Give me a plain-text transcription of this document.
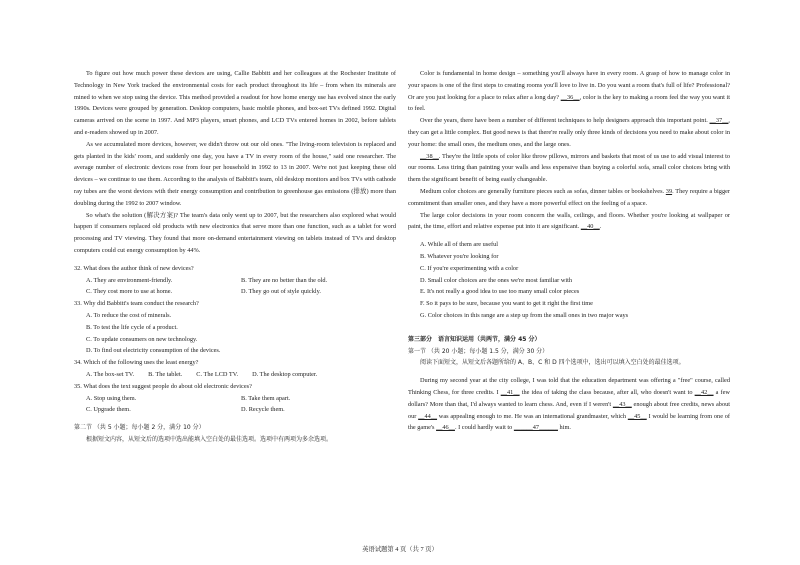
To figure out how much power these devices are using, Callie Babbitt and her colleagues at the Rochester Institute of Technology in New York tracked the environmental costs for each product throughout its life – from when its minerals are mined to when we stop using the device. This method provided a readout for how home energy use has evolved since the early 1990s. Devices were grouped by generation. Desktop computers, basic mobile phones, and box-set TVs defined 1992. Digital cameras arrived on the scene in 1997. And MP3 players, smart phones, and LCD TVs entered homes in 2002, before tablets and e-readers showed up in 2007.

As we accumulated more devices, however, we didn't throw out our old ones. "The living-room television is replaced and gets planted in the kids' room, and suddenly one day, you have a TV in every room of the house," said one researcher. The average number of electronic devices rose from four per household in 1992 to 13 in 2007. We're not just keeping these old devices – we continue to use them. According to the analysis of Babbitt's team, old desktop monitors and box TVs with cathode ray tubes are the worst devices with their energy consumption and contribution to greenhouse gas emissions (排放) more than doubling during the 1992 to 2007 window.

So what's the solution (解决方案)? The team's data only went up to 2007, but the researchers also explored what would happen if consumers replaced old products with new electronics that serve more than one function, such as a tablet for word processing and TV viewing. They found that more on-demand entertainment viewing on tablets instead of TVs and desktop computers could cut energy consumption by 44%.

32. What does the author think of new devices?

A. They are environment-friendly.	B. They are no better than the old.
C. They cost more to use at home.	D. They go out of style quickly.

33. Why did Babbitt's team conduct the research?

A. To reduce the cost of minerals.

B. To test the life cycle of a product.

C. To update consumers on new technology.

D. To find out electricity consumption of the devices.

34. Which of the following uses the least energy?

A. The box-set TV. B. The tablet. C. The LCD TV. D. The desktop computer.

35. What does the text suggest people do about old electronic devices?

A. Stop using them.	B. Take them apart.
C. Upgrade them.	D. Recycle them.

第二节 （共 5 小题；每小题 2 分，满分 10 分）

根据短文内容，从短文后的选项中选出能填入空白处的最佳选项。选项中有两项为多余选项。

Color is fundamental in home design – something you'll always have in every room. A grasp of how to manage color in your spaces is one of the first steps to creating rooms you'll love to live in. Do you want a room that's full of life? Professional? Or are you just looking for a place to relax after a long day? __36__, color is the key to making a room feel the way you want it to feel.

Over the years, there have been a number of different techniques to help designers approach this important point. __37__, they can get a little complex. But good news is that there're really only three kinds of decisions you need to make about color in your home: the small ones, the medium ones, and the large ones.

__38__. They're the little spots of color like throw pillows, mirrors and baskets that most of us use to add visual interest to our rooms. Less tiring than painting your walls and less expensive than buying a colorful sofa, small color choices bring with them the significant benefit of being easily changeable.

Medium color choices are generally furniture pieces such as sofas, dinner tables or bookshelves. 39. They require a bigger commitment than smaller ones, and they have a more powerful effect on the feeling of a space.

The large color decisions in your room concern the walls, ceilings, and floors. Whether you're looking at wallpaper or paint, the time, effort and relative expense put into it are significant. __40__.

A. While all of them are useful

B. Whatever you're looking for

C. If you're experimenting with a color

D. Small color choices are the ones we're most familiar with

E. It's not really a good idea to use too many small color pieces

F. So it pays to be sure, because you want to get it right the first time

G. Color choices in this range are a step up from the small ones in two major ways

第三部分　语言知识运用（共两节，满分 45 分）

第一节 （共 20 小题；每小题 1.5 分，满分 30 分）

阅读下面短文，从短文后各题所给的 A、B、C 和 D 四个选项中，选出可以填入空白处的最佳选项。

During my second year at the city college, I was told that the education department was offering a "free" course, called Thinking Chess, for three credits. I __41__ the idea of taking the class because, after all, who doesn't want to __42__ a few dollars? More than that, I'd always wanted to learn chess. And, even if I weren't __43__ enough about free credits, news about our __44__ was appealing enough to me. He was an international grandmaster, which __45__ I would be learning from one of the game's __46__. I could hardly wait to ______47______ him.

英语试题第 4 页（共 7 页）
